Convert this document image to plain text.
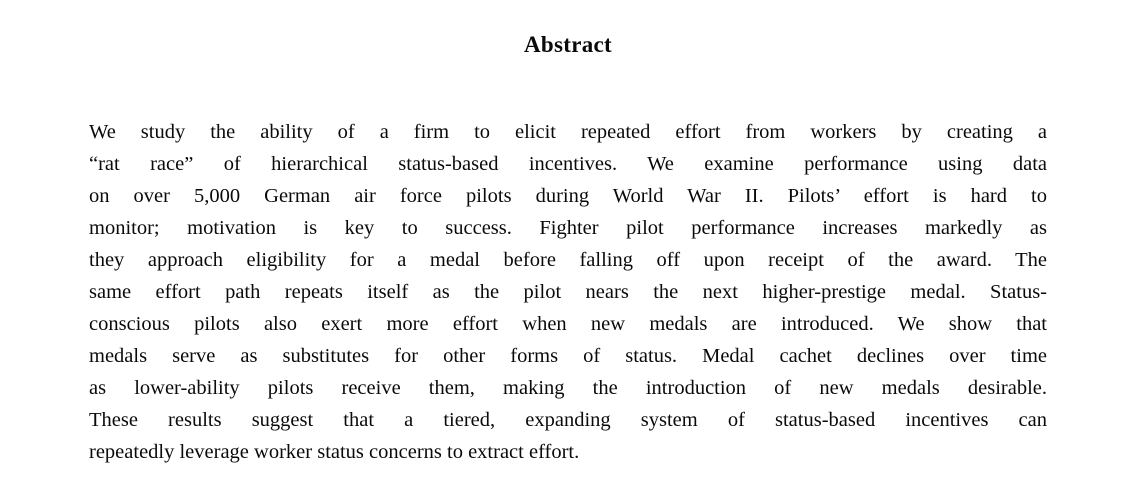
Abstract
We study the ability of a firm to elicit repeated effort from workers by creating a
“rat race” of hierarchical status-based incentives. We examine performance using data
on over 5,000 German air force pilots during World War II. Pilots’ effort is hard to
monitor; motivation is key to success. Fighter pilot performance increases markedly as
they approach eligibility for a medal before falling off upon receipt of the award. The
same effort path repeats itself as the pilot nears the next higher-prestige medal. Status-
conscious pilots also exert more effort when new medals are introduced. We show that
medals serve as substitutes for other forms of status. Medal cachet declines over time
as lower-ability pilots receive them, making the introduction of new medals desirable.
These results suggest that a tiered, expanding system of status-based incentives can
repeatedly leverage worker status concerns to extract effort.
